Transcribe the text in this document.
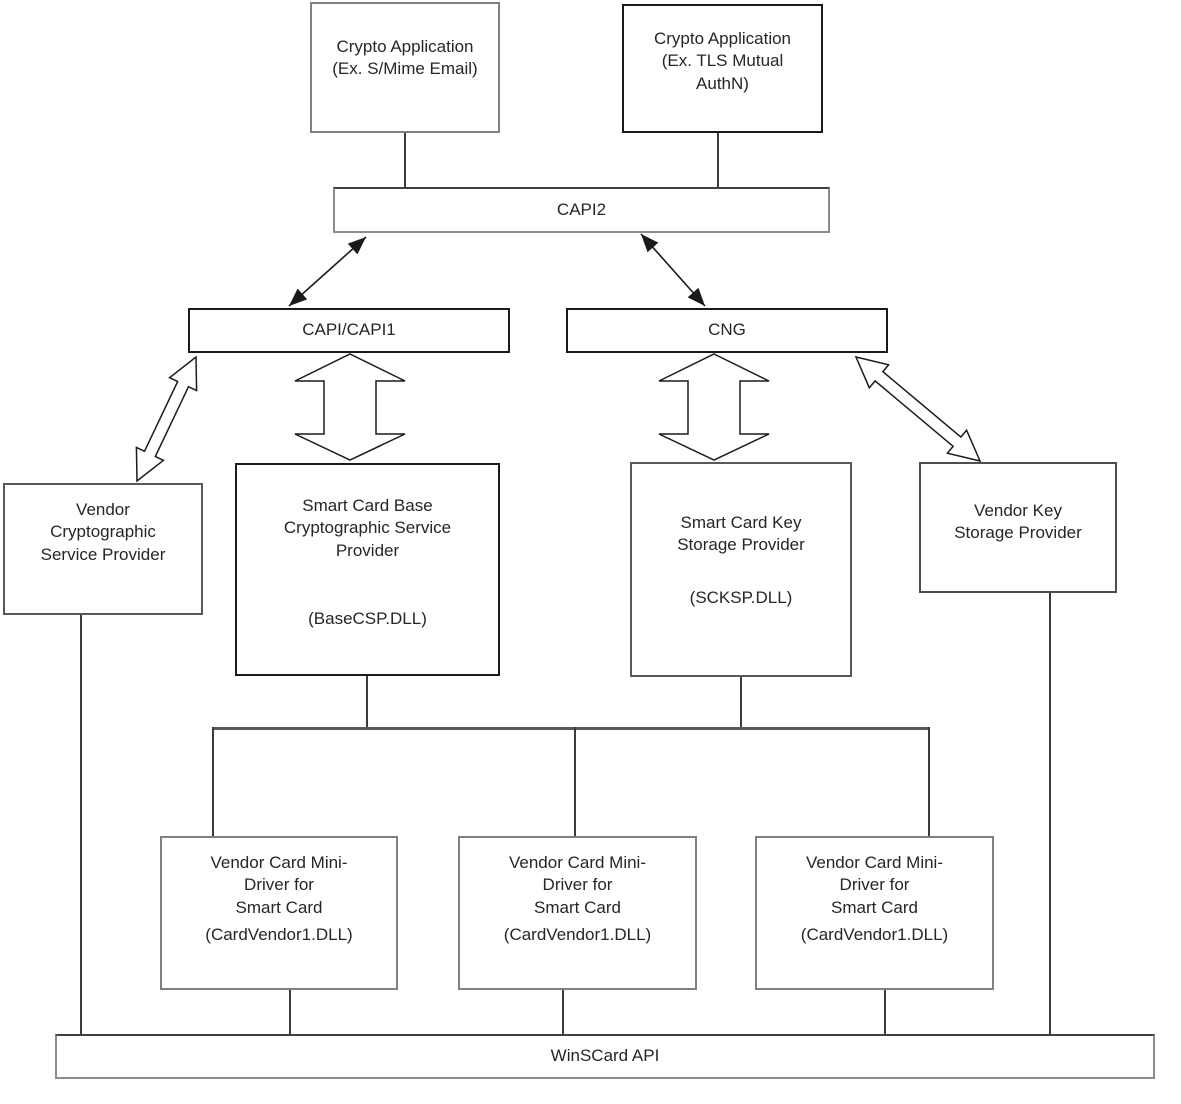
Crypto Application
(Ex. S/Mime Email)
Crypto Application
(Ex. TLS Mutual
AuthN)
CAPI2
CAPI/CAPI1	CNG
Vendor
Cryptographic
Service Provider
Smart Card Base
Cryptographic Service
Provider
(BaseCSP.DLL)
Smart Card Key
Storage Provider
(SCKSP.DLL)
Vendor Key
Storage Provider
Vendor Card Mini-
Driver for
Smart Card
(CardVendor1.DLL)
Vendor Card Mini-
Driver for
Smart Card
(CardVendor1.DLL)
Vendor Card Mini-
Driver for
Smart Card
(CardVendor1.DLL)
WinSCard API
